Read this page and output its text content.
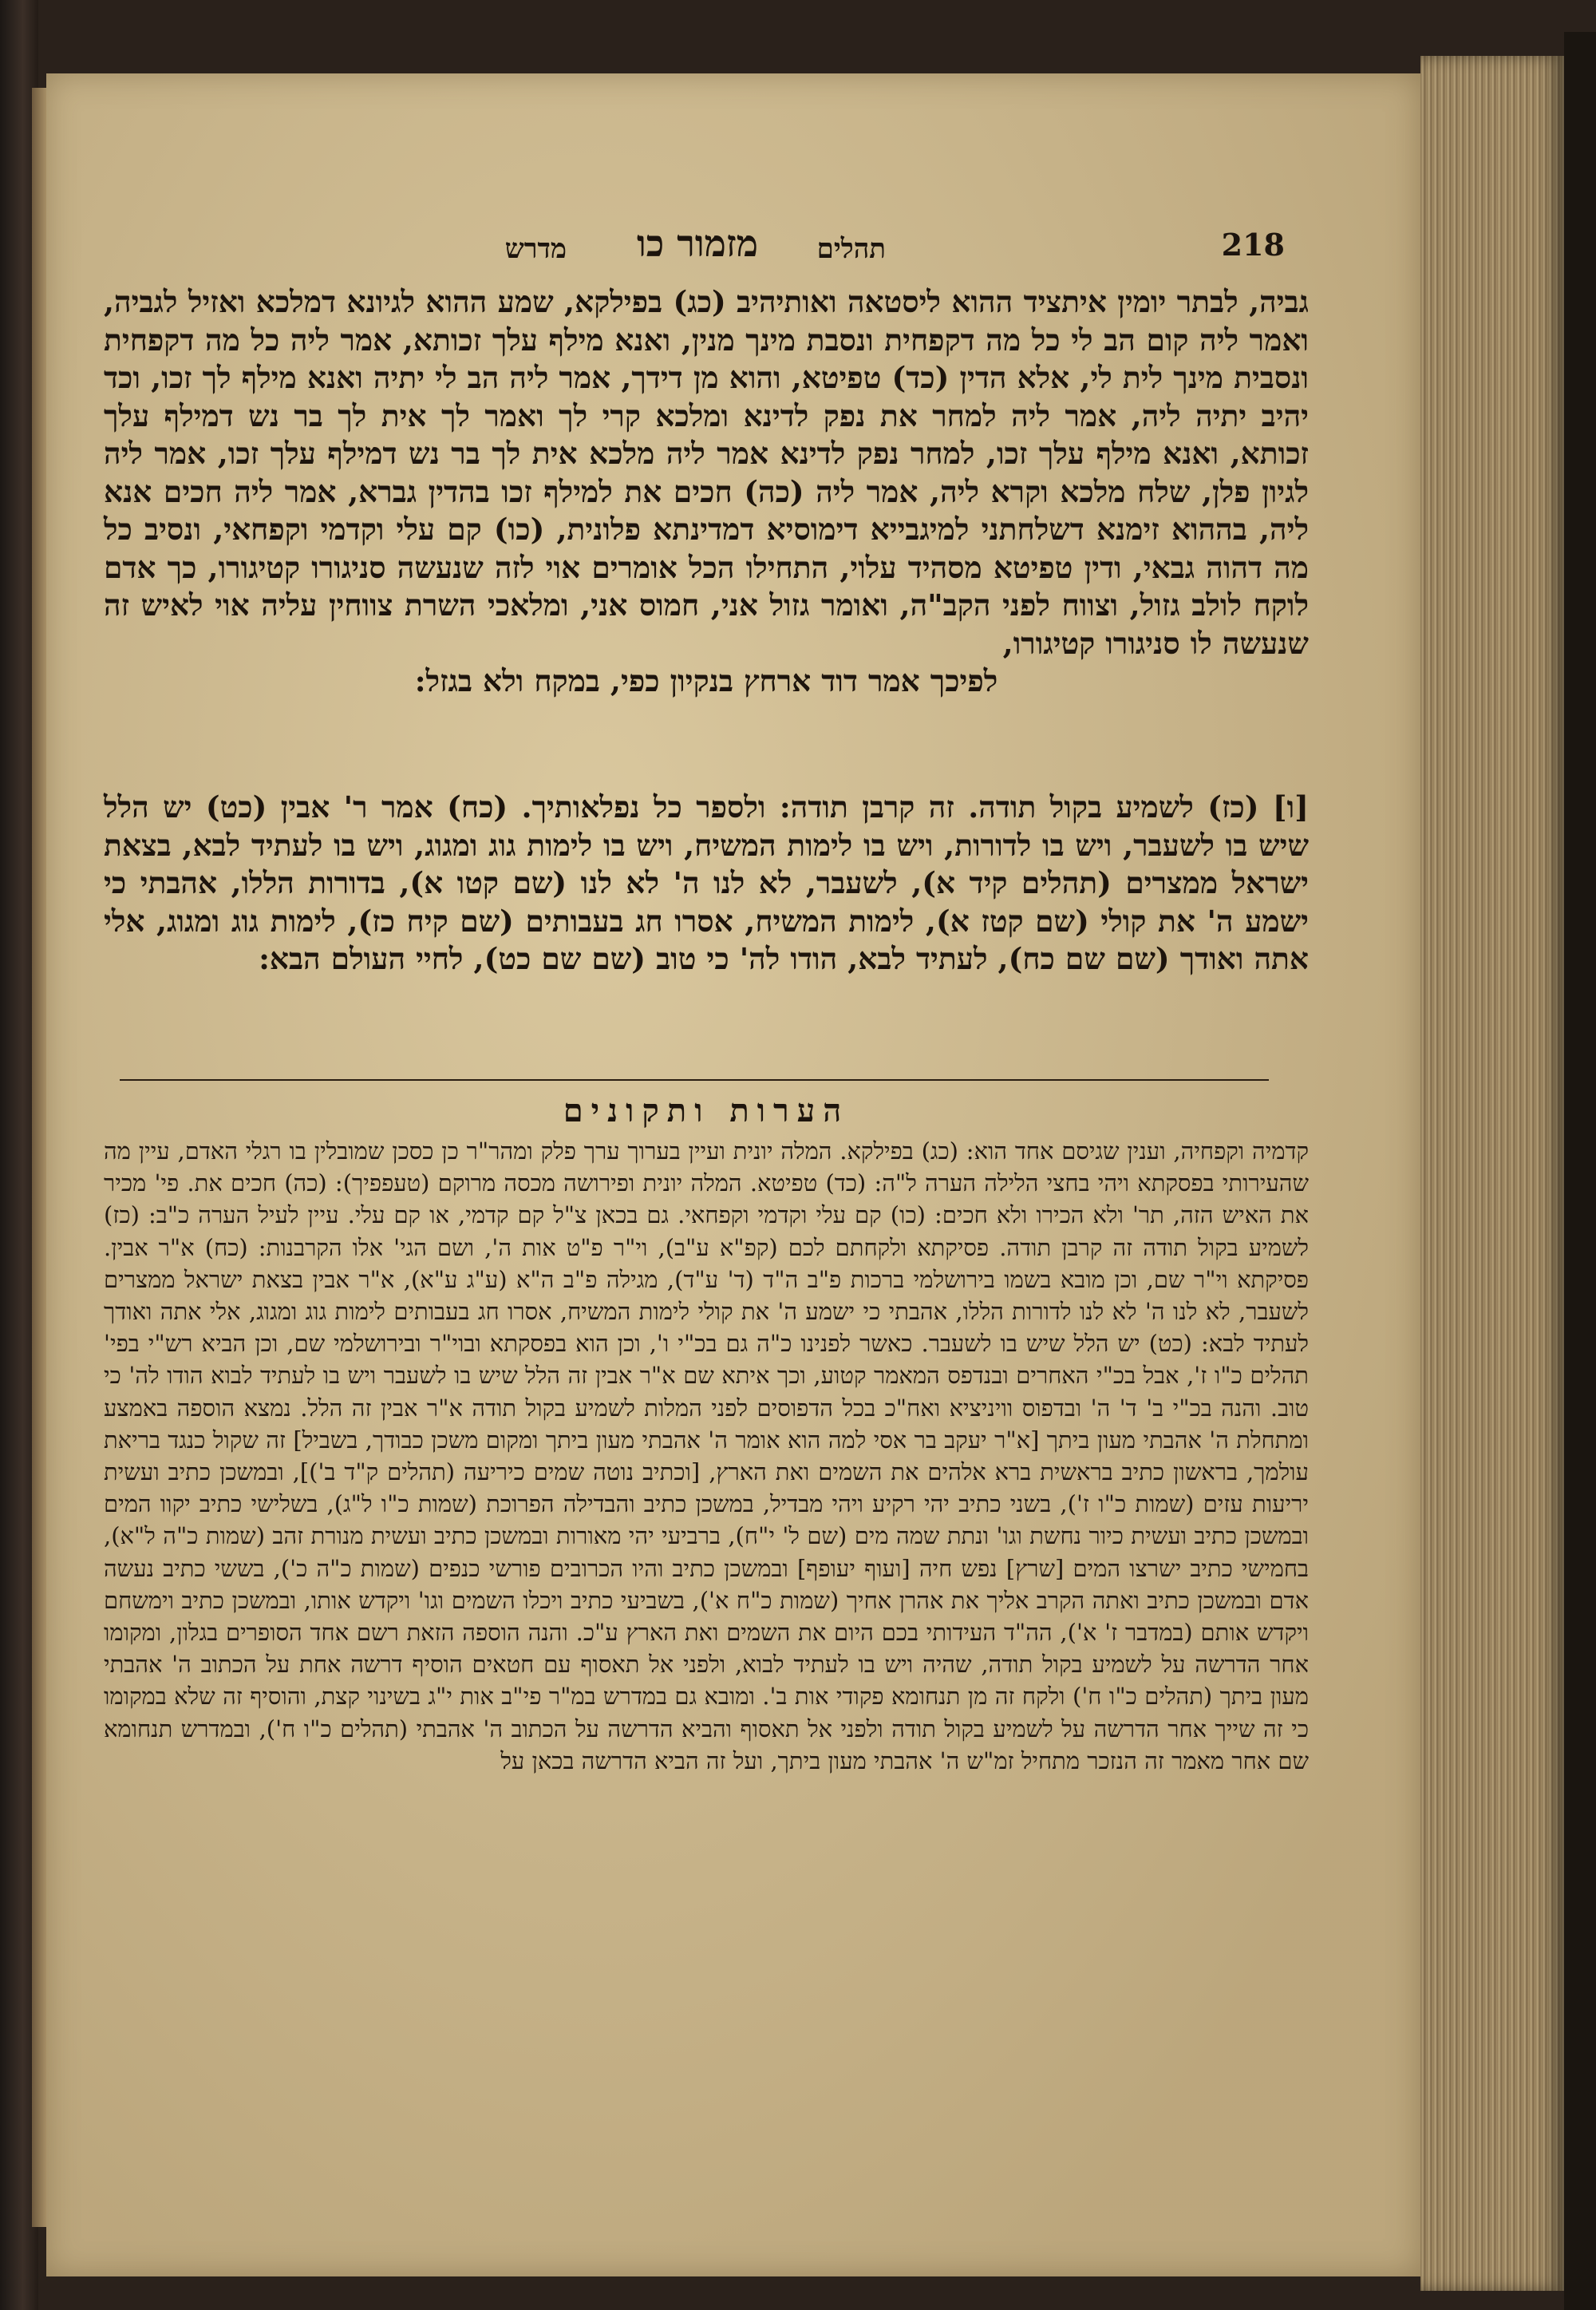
218
תהלים
מזמור כו
מדרש
גביה, לבתר יומין איתציד ההוא ליסטאה ואותיהיב (כג) בפילקא, שמע ההוא לגיונא דמלכא ואזיל לגביה, ואמר ליה קום הב לי כל מה דקפחית ונסבת מינך מנין, ואנא מילף עלך זכותא, אמר ליה כל מה דקפחית ונסבית מינך לית לי, אלא הדין (כד) טפיטא, והוא מן דידך, אמר ליה הב לי יתיה ואנא מילף לך זכו, וכד יהיב יתיה ליה, אמר ליה למחר את נפק לדינא ומלכא קרי לך ואמר לך אית לך בר נש דמילף עלך זכותא, ואנא מילף עלך זכו, למחר נפק לדינא אמר ליה מלכא אית לך בר נש דמילף עלך זכו, אמר ליה לגיון פלן, שלח מלכא וקרא ליה, אמר ליה (כה) חכים את למילף זכו בהדין גברא, אמר ליה חכים אנא ליה, בההוא זימנא דשלחתני למיגבייא דימוסיא דמדינתא פלונית, (כו) קם עלי וקדמי וקפחאי, ונסיב כל מה דהוה גבאי, ודין טפיטא מסהיד עלוי, התחילו הכל אומרים אוי לזה שנעשה סניגורו קטיגורו, כך אדם לוקח לולב גזול, וצווח לפני הקב"ה, ואומר גזול אני, חמוס אני, ומלאכי השרת צווחין עליה אוי לאיש זה שנעשה לו סניגורו קטיגורו,
לפיכך אמר דוד ארחץ בנקיון כפי, במקח ולא בגזל:
[ו] (כז) לשמיע בקול תודה. זה קרבן תודה: ולספר כל נפלאותיך. (כח) אמר ר' אבין (כט) יש הלל שיש בו לשעבר, ויש בו לדורות, ויש בו לימות המשיח, ויש בו לימות גוג ומגוג, ויש בו לעתיד לבא, בצאת ישראל ממצרים (תהלים קיד א), לשעבר, לא לנו ה' לא לנו (שם קטו א), בדורות הללו, אהבתי כי ישמע ה' את קולי (שם קטז א), לימות המשיח, אסרו חג בעבותים (שם קיח כז), לימות גוג ומגוג, אלי אתה ואודך (שם שם כח), לעתיד לבא, הודו לה' כי טוב (שם שם כט), לחיי העולם הבא:
הערות ותקונים
קדמיה וקפחיה, וענין שגיסם אחד הוא: (כג) בפילקא. המלה יונית ועיין בערוך ערך פלק ומהר"ר כן כסכן שמובלין בו רגלי האדם, עיין מה שהעירותי בפסקתא ויהי בחצי הלילה הערה ל"ה: (כד) טפיטא. המלה יונית ופירושה מכסה מרוקם (טעפפיך): (כה) חכים את. פי' מכיר את האיש הזה, תר' ולא הכירו ולא חכים: (כו) קם עלי וקדמי וקפחאי. גם בכאן צ"ל קם קדמי, או קם עלי. עיין לעיל הערה כ"ב: (כז) לשמיע בקול תודה זה קרבן תודה. פסיקתא ולקחתם לכם (קפ"א ע"ב), וי"ר פ"ט אות ה', ושם הגי' אלו הקרבנות: (כח) א"ר אבין. פסיקתא וי"ר שם, וכן מובא בשמו בירושלמי ברכות פ"ב ה"ד (ד' ע"ד), מגילה פ"ב ה"א (ע"ג ע"א), א"ר אבין בצאת ישראל ממצרים לשעבר, לא לנו ה' לא לנו לדורות הללו, אהבתי כי ישמע ה' את קולי לימות המשיח, אסרו חג בעבותים לימות גוג ומגוג, אלי אתה ואודך לעתיד לבא: (כט) יש הלל שיש בו לשעבר. כאשר לפנינו כ"ה גם בכ"י ו', וכן הוא בפסקתא ובוי"ר ובירושלמי שם, וכן הביא רש"י בפי' תהלים כ"ו ז', אבל בכ"י האחרים ובנדפס המאמר קטוע, וכך איתא שם א"ר אבין זה הלל שיש בו לשעבר ויש בו לעתיד לבוא הודו לה' כי טוב. והנה בכ"י ב' ד' ה' ובדפוס וויניציא ואח"כ בכל הדפוסים לפני המלות לשמיע בקול תודה א"ר אבין זה הלל. נמצא הוספה באמצע ומתחלת ה' אהבתי מעון ביתך [א"ר יעקב בר אסי למה הוא אומר ה' אהבתי מעון ביתך ומקום משכן כבודך, בשביל] זה שקול כנגד בריאת עולמך, בראשון כתיב בראשית ברא אלהים את השמים ואת הארץ, [וכתיב נוטה שמים כיריעה (תהלים ק"ד ב')], ובמשכן כתיב ועשית יריעות עזים (שמות כ"ו ז'), בשני כתיב יהי רקיע ויהי מבדיל, במשכן כתיב והבדילה הפרוכת (שמות כ"ו ל"ג), בשלישי כתיב יקוו המים ובמשכן כתיב ועשית כיור נחשת וגו' ונתת שמה מים (שם ל' י"ח), ברביעי יהי מאורות ובמשכן כתיב ועשית מנורת זהב (שמות כ"ה ל"א), בחמישי כתיב ישרצו המים [שרץ] נפש חיה [ועוף יעופף] ובמשכן כתיב והיו הכרובים פורשי כנפים (שמות כ"ה כ'), בששי כתיב נעשה אדם ובמשכן כתיב ואתה הקרב אליך את אהרן אחיך (שמות כ"ח א'), בשביעי כתיב ויכלו השמים וגו' ויקדש אותו, ובמשכן כתיב וימשחם ויקדש אותם (במדבר ז' א'), הה"ד העידותי בכם היום את השמים ואת הארץ ע"כ. והנה הוספה הזאת רשם אחד הסופרים בגלון, ומקומו אחר הדרשה על לשמיע בקול תודה, שהיה ויש בו לעתיד לבוא, ולפני אל תאסוף עם חטאים הוסיף דרשה אחת על הכתוב ה' אהבתי מעון ביתך (תהלים כ"ו ח') ולקח זה מן תנחומא פקודי אות ב'. ומובא גם במדרש במ"ר פי"ב אות י"ג בשינוי קצת, והוסיף זה שלא במקומו כי זה שייך אחר הדרשה על לשמיע בקול תודה ולפני אל תאסוף והביא הדרשה על הכתוב ה' אהבתי (תהלים כ"ו ח'), ובמדרש תנחומא שם אחר מאמר זה הנזכר מתחיל זמ"ש ה' אהבתי מעון ביתך, ועל זה הביא הדרשה בכאן על
